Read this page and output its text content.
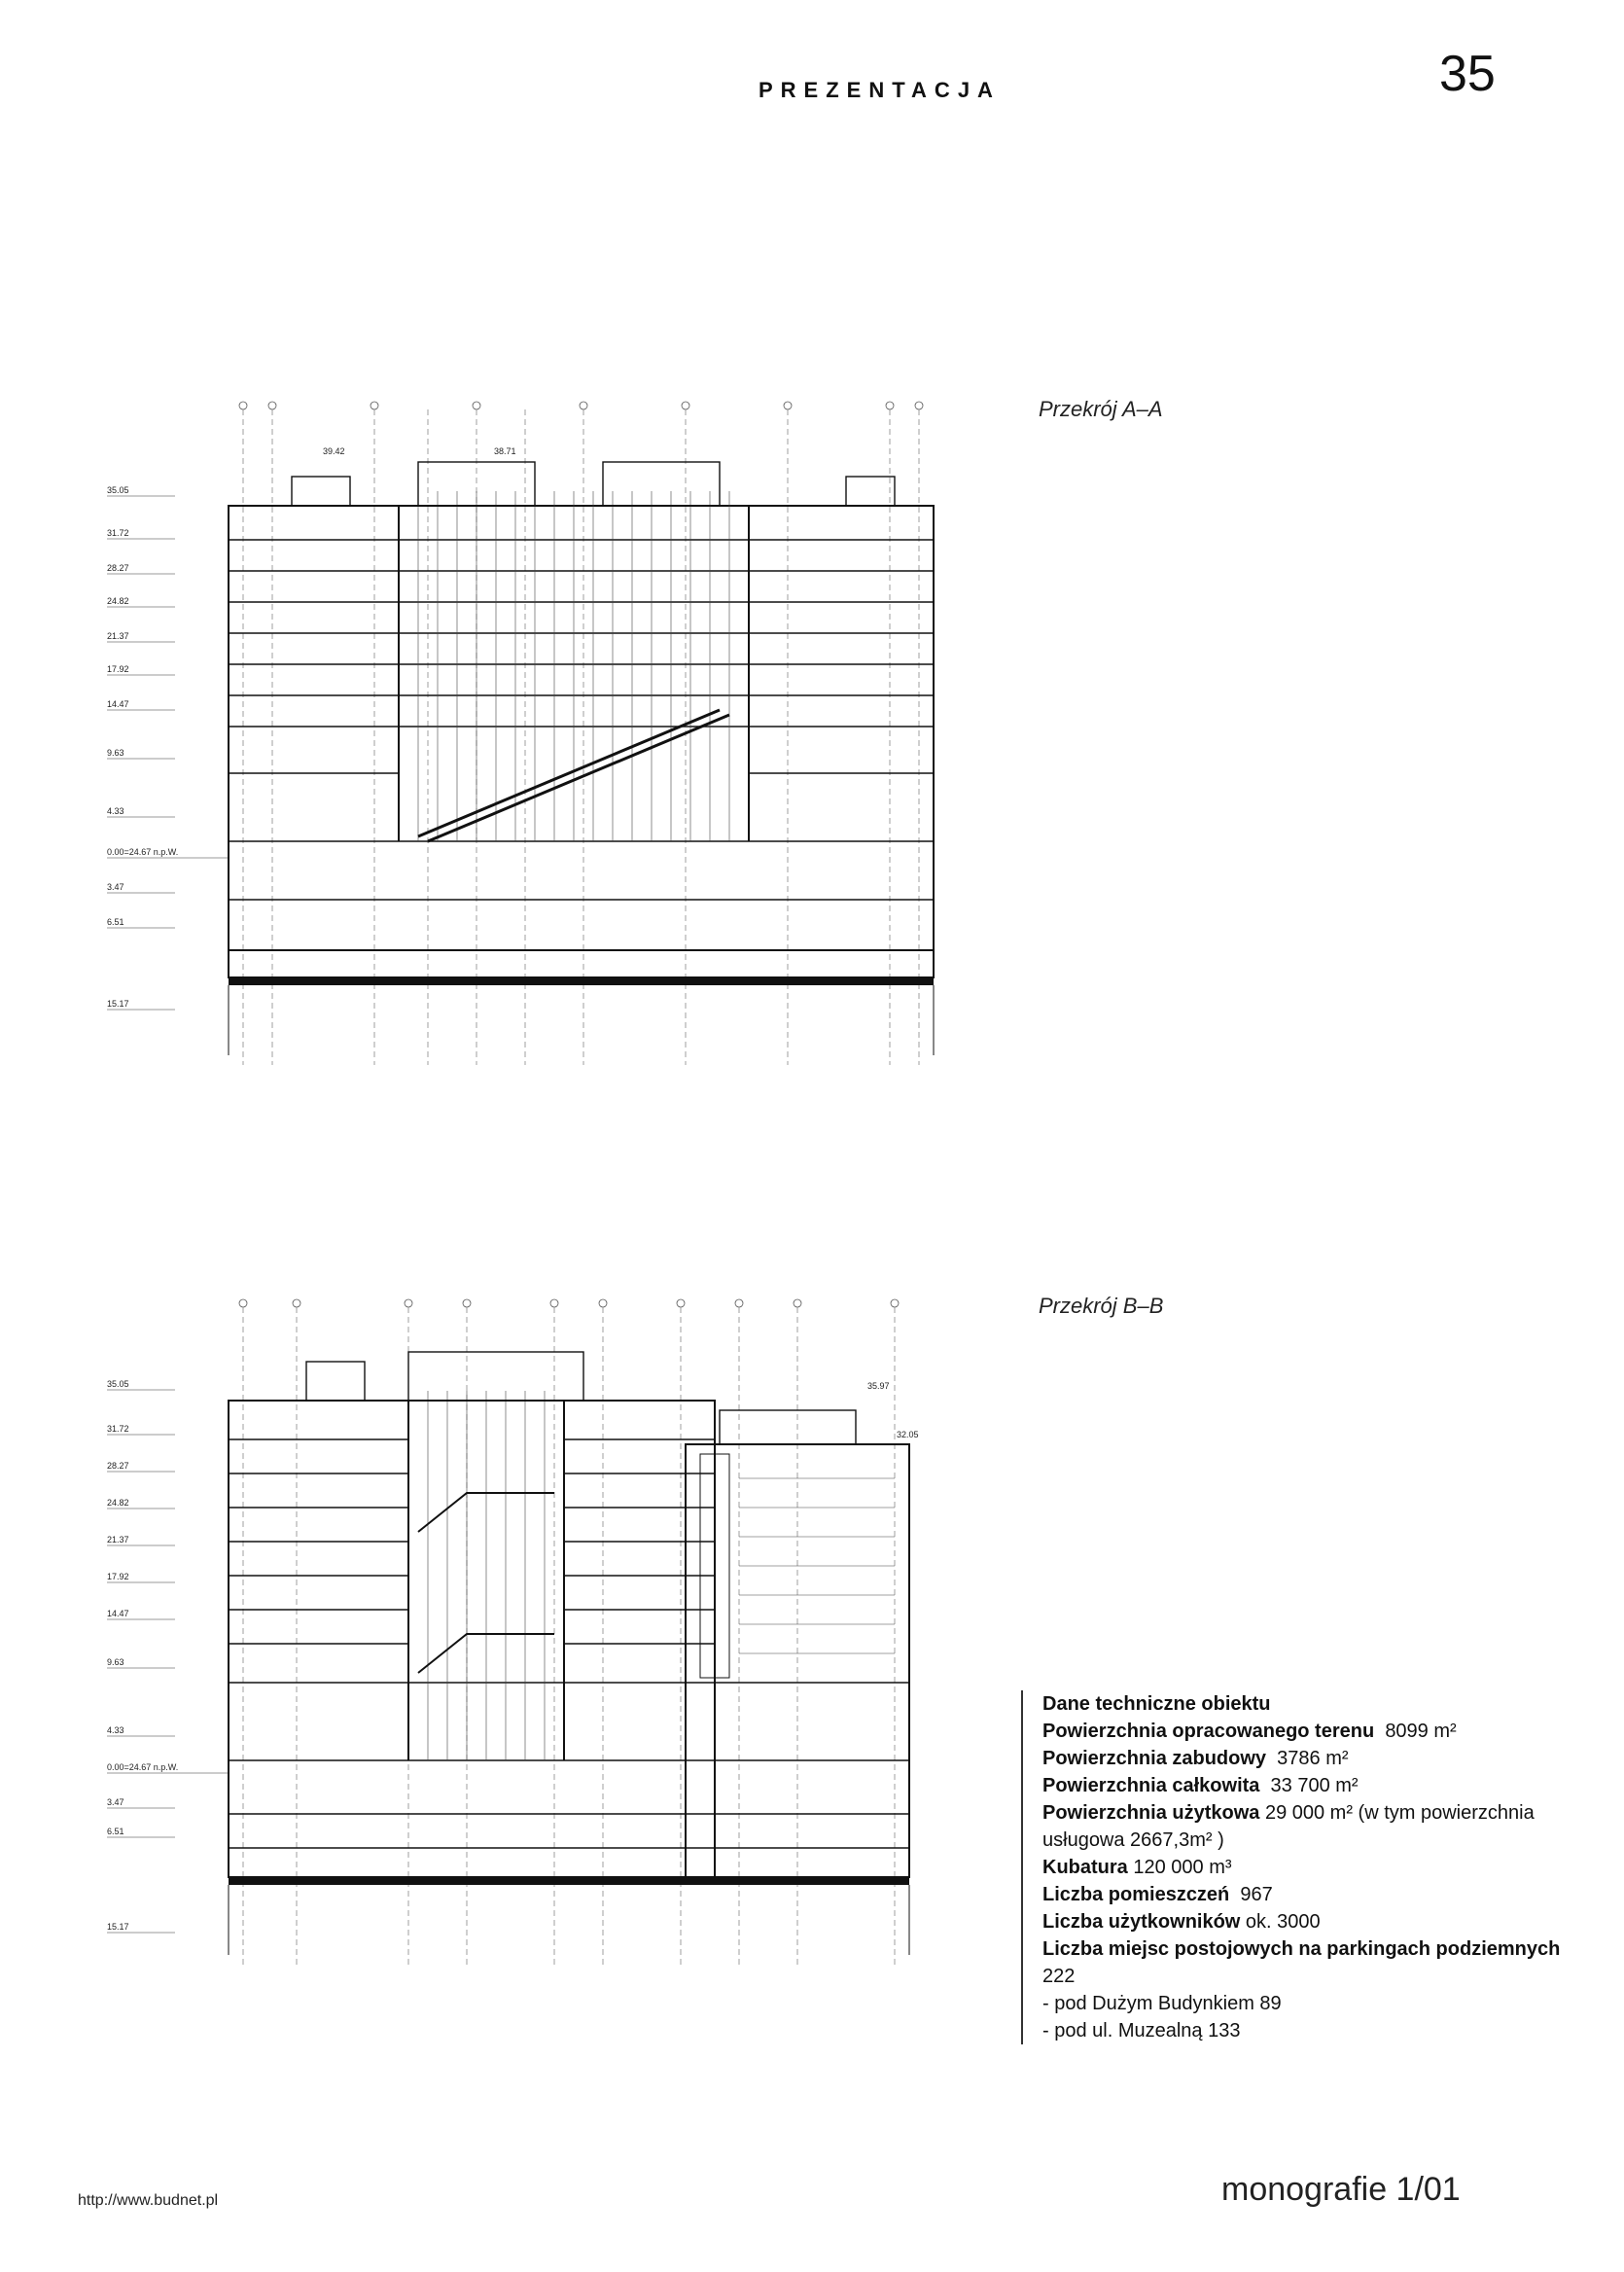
PREZENTACJA	35
Przekrój A–A
35.05
31.72
28.27
24.82
21.37
17.92
14.47
9.63
4.33
0.00=24.67 n.p.W.
3.47
6.51
15.17
39.42	38.71
Przekrój B–B
35.05
31.72
28.27
24.82
21.37
17.92
14.47
9.63
4.33
0.00=24.67 n.p.W.
3.47
6.51
15.17
35.97
32.05
Dane techniczne obiektu
Powierzchnia opracowanego terenu 8099 m²
Powierzchnia zabudowy 3786 m²
Powierzchnia całkowita 33 700 m²
Powierzchnia użytkowa 29 000 m² (w tym powierzchnia usługowa 2667,3m² )
Kubatura 120 000 m³
Liczba pomieszczeń 967
Liczba użytkowników ok. 3000
Liczba miejsc postojowych na parkingach podziemnych 222
- pod Dużym Budynkiem 89
- pod ul. Muzealną 133
http://www.budnet.pl	monografie 1/01
